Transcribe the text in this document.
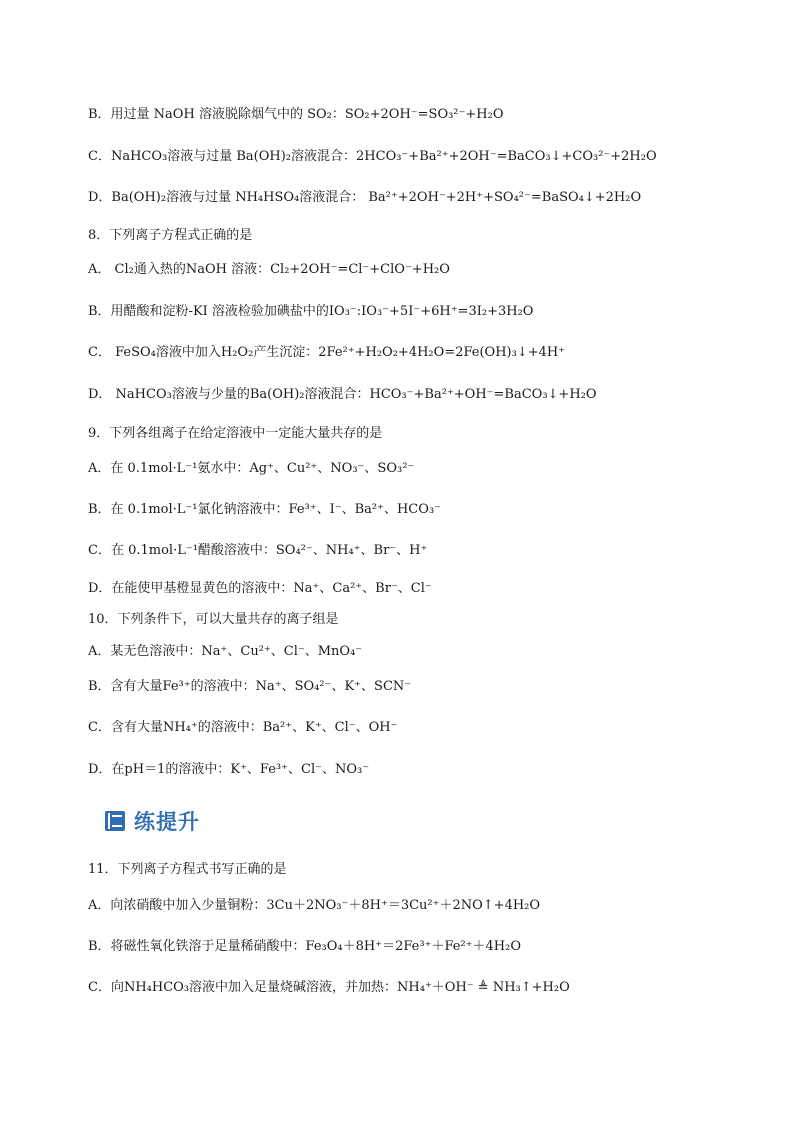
B．用过量 NaOH 溶液脱除烟气中的 SO₂：SO₂+2OH⁻=SO₃²⁻+H₂O
C．NaHCO₃溶液与过量 Ba(OH)₂溶液混合：2HCO₃⁻+Ba²⁺+2OH⁻=BaCO₃↓+CO₃²⁻+2H₂O
D．Ba(OH)₂溶液与过量 NH₄HSO₄溶液混合： Ba²⁺+2OH⁻+2H⁺+SO₄²⁻=BaSO₄↓+2H₂O
8．下列离子方程式正确的是
A． Cl₂通入热的NaOH 溶液：Cl₂+2OH⁻=Cl⁻+ClO⁻+H₂O
B．用醋酸和淀粉-KI 溶液检验加碘盐中的IO₃⁻:IO₃⁻+5I⁻+6H⁺=3I₂+3H₂O
C． FeSO₄溶液中加入H₂O₂产生沉淀：2Fe²⁺+H₂O₂+4H₂O=2Fe(OH)₃↓+4H⁺
D． NaHCO₃溶液与少量的Ba(OH)₂溶液混合：HCO₃⁻+Ba²⁺+OH⁻=BaCO₃↓+H₂O
9．下列各组离子在给定溶液中一定能大量共存的是
A．在 0.1mol·L⁻¹氨水中：Ag⁺、Cu²⁺、NO₃⁻、SO₃²⁻
B．在 0.1mol·L⁻¹氯化钠溶液中：Fe³⁺、I⁻、Ba²⁺、HCO₃⁻
C．在 0.1mol·L⁻¹醋酸溶液中：SO₄²⁻、NH₄⁺、Br⁻、H⁺
D．在能使甲基橙显黄色的溶液中：Na⁺、Ca²⁺、Br⁻、Cl⁻
10．下列条件下，可以大量共存的离子组是
A．某无色溶液中：Na⁺、Cu²⁺、Cl⁻、MnO₄⁻
B．含有大量Fe³⁺的溶液中：Na⁺、SO₄²⁻、K⁺、SCN⁻
C．含有大量NH₄⁺的溶液中：Ba²⁺、K⁺、Cl⁻、OH⁻
D．在pH＝1的溶液中：K⁺、Fe³⁺、Cl⁻、NO₃⁻
练提升
11．下列离子方程式书写正确的是
A．向浓硝酸中加入少量铜粉：3Cu＋2NO₃⁻＋8H⁺＝3Cu²⁺＋2NO↑+4H₂O
B．将磁性氧化铁溶于足量稀硝酸中：Fe₃O₄＋8H⁺＝2Fe³⁺＋Fe²⁺＋4H₂O
C．向NH₄HCO₃溶液中加入足量烧碱溶液，并加热：NH₄⁺＋OH⁻ ≜ NH₃↑+H₂O
